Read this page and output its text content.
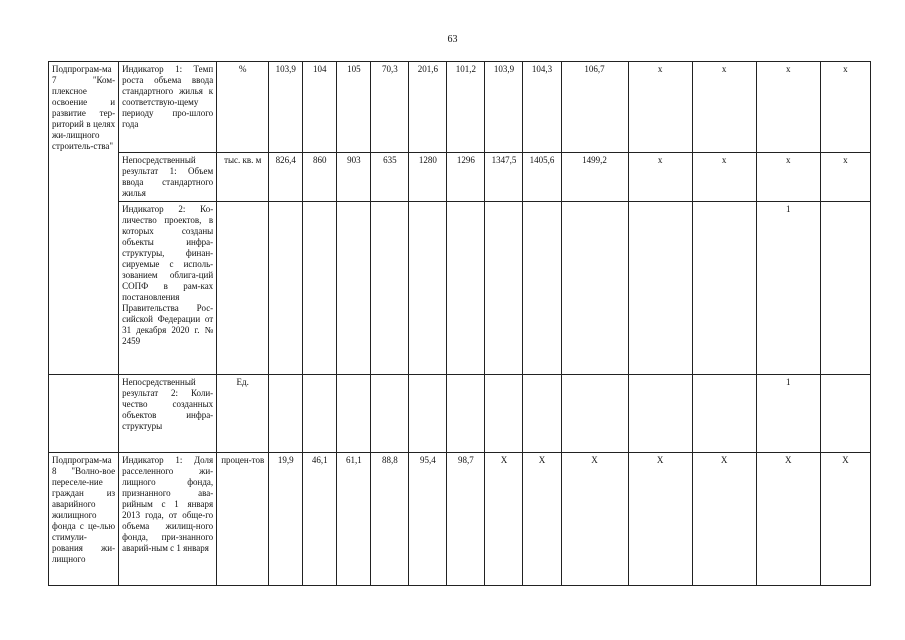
63
Подпрограм-ма 7 "Ком-плексное освоение и развитие тер-риторий в целях жи-лищного строитель-ства"	Индикатор 1: Темп роста объема ввода стандартного жилья к соответствую-щему периоду про-шлого года	%	103,9	104	105	70,3	201,6	101,2	103,9	104,3	106,7	x	x	x	x
	Непосредственный результат 1: Объем ввода стандартного жилья	тыс. кв. м	826,4	860	903	635	1280	1296	1347,5	1405,6	1499,2	x	x	x	x
	Индикатор 2: Ко-личество проектов, в которых созданы объекты инфра-структуры, финан-сируемые с исполь-зованием облига-ций СОПФ в рам-ках постановления Правительства Рос-сийской Федерации от 31 декабря 2020 г. № 2459													1	
	Непосредственный результат 2: Коли-чество созданных объектов инфра-структуры	Ед.												1	
Подпрограм-ма 8 "Волно-вое переселе-ние граждан из аварийного жилищного фонда с це-лью стимули-рования жи-лищного	Индикатор 1: Доля расселенного жи-лищного фонда, признанного ава-рийным с 1 января 2013 года, от обще-го объема жилищ-ного фонда, при-знанного аварий-ным с 1 января	процен-тов	19,9	46,1	61,1	88,8	95,4	98,7	X	X	X	X	X	X	X
